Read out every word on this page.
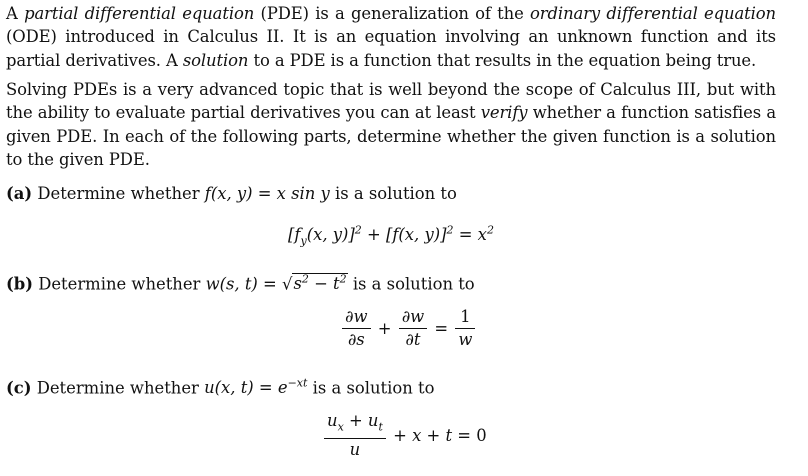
A partial differential equation (PDE) is a generalization of the ordinary differential equation (ODE) introduced in Calculus II. It is an equation involving an unknown function and its partial derivatives. A solution to a PDE is a function that results in the equation being true.
Solving PDEs is a very advanced topic that is well beyond the scope of Calculus III, but with the ability to evaluate partial derivatives you can at least verify whether a function satisfies a given PDE. In each of the following parts, determine whether the given function is a solution to the given PDE.
(a) Determine whether f(x, y) = x sin y is a solution to
[$f_y(x$, y)]$^2$ + [f(x, $y)]^2 = x^2$
(b) Determine whether w(s, $t) = √s^2 - t^2$ is a solution to
$\frac{\partial w}{\partial s} + \frac{\partial w}{\partial t} = \frac{1}{w}$
(c) Determine whether u(x, $t) = e^{-xt}$ is a solution to
$\frac{u_x + u_t}{u} + x + t = 0$
